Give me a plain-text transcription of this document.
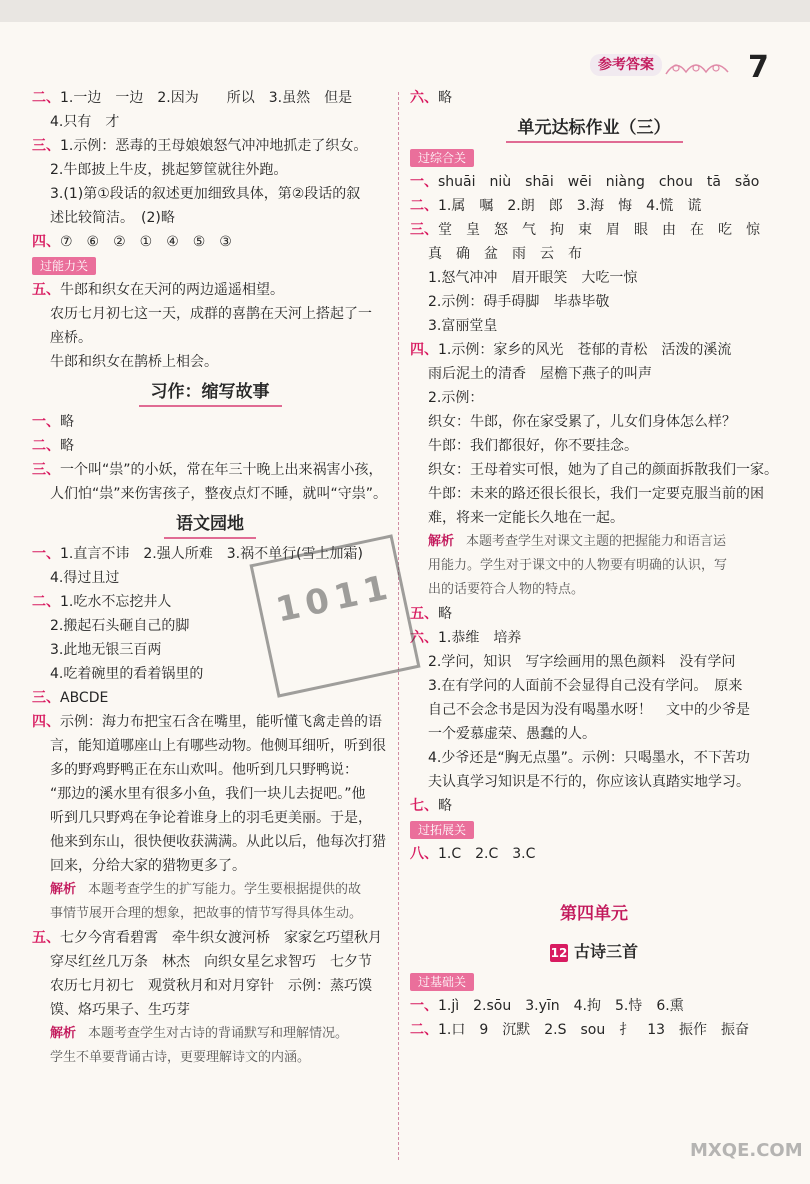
参考答案	7
二、1.一边　一边　2.因为　　所以　3.虽然　但是
4.只有　才
三、1.示例：恶毒的王母娘娘怒气冲冲地抓走了织女。
2.牛郎披上牛皮，挑起箩筐就往外跑。
3.(1)第①段话的叙述更加细致具体，第②段话的叙
述比较简洁。　(2)略
四、⑦　⑥　②　①　④　⑤　③
过能力关
五、牛郎和织女在天河的两边遥遥相望。
农历七月初七这一天，成群的喜鹊在天河上搭起了一
座桥。
牛郎和织女在鹊桥上相会。
习作：缩写故事
一、略
二、略
三、一个叫“祟”的小妖，常在年三十晚上出来祸害小孩，
人们怕“祟”来伤害孩子，整夜点灯不睡，就叫“守祟”。
语文园地
一、1.直言不讳　2.强人所难　3.祸不单行(雪上加霜)
4.得过且过
二、1.吃水不忘挖井人
2.搬起石头砸自己的脚
3.此地无银三百两
4.吃着碗里的看着锅里的
三、ABCDE
四、示例：海力布把宝石含在嘴里，能听懂飞禽走兽的语
言，能知道哪座山上有哪些动物。他侧耳细听，听到很
多的野鸡野鸭正在东山欢叫。他听到几只野鸭说：
“那边的溪水里有很多小鱼，我们一块儿去捉吧。”他
听到几只野鸡在争论着谁身上的羽毛更美丽。于是，
他来到东山，很快便收获满满。从此以后，他每次打猎
回来，分给大家的猎物更多了。
解析 本题考查学生的扩写能力。学生要根据提供的故
事情节展开合理的想象，把故事的情节写得具体生动。
五、七夕今宵看碧霄　牵牛织女渡河桥　家家乞巧望秋月
穿尽红丝几万条　林杰　向织女星乞求智巧　七夕节
农历七月初七　观赏秋月和对月穿针　示例：蒸巧馍
馍、烙巧果子、生巧芽
解析 本题考查学生对古诗的背诵默写和理解情况。
学生不单要背诵古诗，更要理解诗文的内涵。
六、略
单元达标作业（三）
过综合关
一、shuāi　niù　shāi　wēi　niàng　chou　tā　sǎo
二、1.属　嘱　2.朗　郎　3.海　悔　4.慌　谎
三、堂　皇　怒　气　拘　束　眉　眼　由　在　吃　惊
真　确　盆　雨　云　布
1.怒气冲冲　眉开眼笑　大吃一惊
2.示例：碍手碍脚　毕恭毕敬
3.富丽堂皇
四、1.示例：家乡的风光　苍郁的青松　活泼的溪流
雨后泥土的清香　屋檐下燕子的叫声
2.示例：
织女：牛郎，你在家受累了，儿女们身体怎么样？
牛郎：我们都很好，你不要挂念。
织女：王母着实可恨，她为了自己的颜面拆散我们一家。
牛郎：未来的路还很长很长，我们一定要克服当前的困
难，将来一定能长久地在一起。
解析 本题考查学生对课文主题的把握能力和语言运
用能力。学生对于课文中的人物要有明确的认识，写
出的话要符合人物的特点。
五、略
六、1.恭维　培养
2.学问，知识　写字绘画用的黑色颜料　没有学问
3.在有学问的人面前不会显得自己没有学问。　原来
自己不会念书是因为没有喝墨水呀！　文中的少爷是
一个爱慕虚荣、愚蠢的人。
4.少爷还是“胸无点墨”。示例：只喝墨水，不下苦功
夫认真学习知识是不行的，你应该认真踏实地学习。
七、略
过拓展关
八、1.C　2.C　3.C
第四单元
12 古诗三首
过基础关
一、1.jì　2.sōu　3.yīn　4.拘　5.恃　6.熏
二、1.口　9　沉默　2.S　sou　扌　13　振作　振奋
1011
MXQE.COM
